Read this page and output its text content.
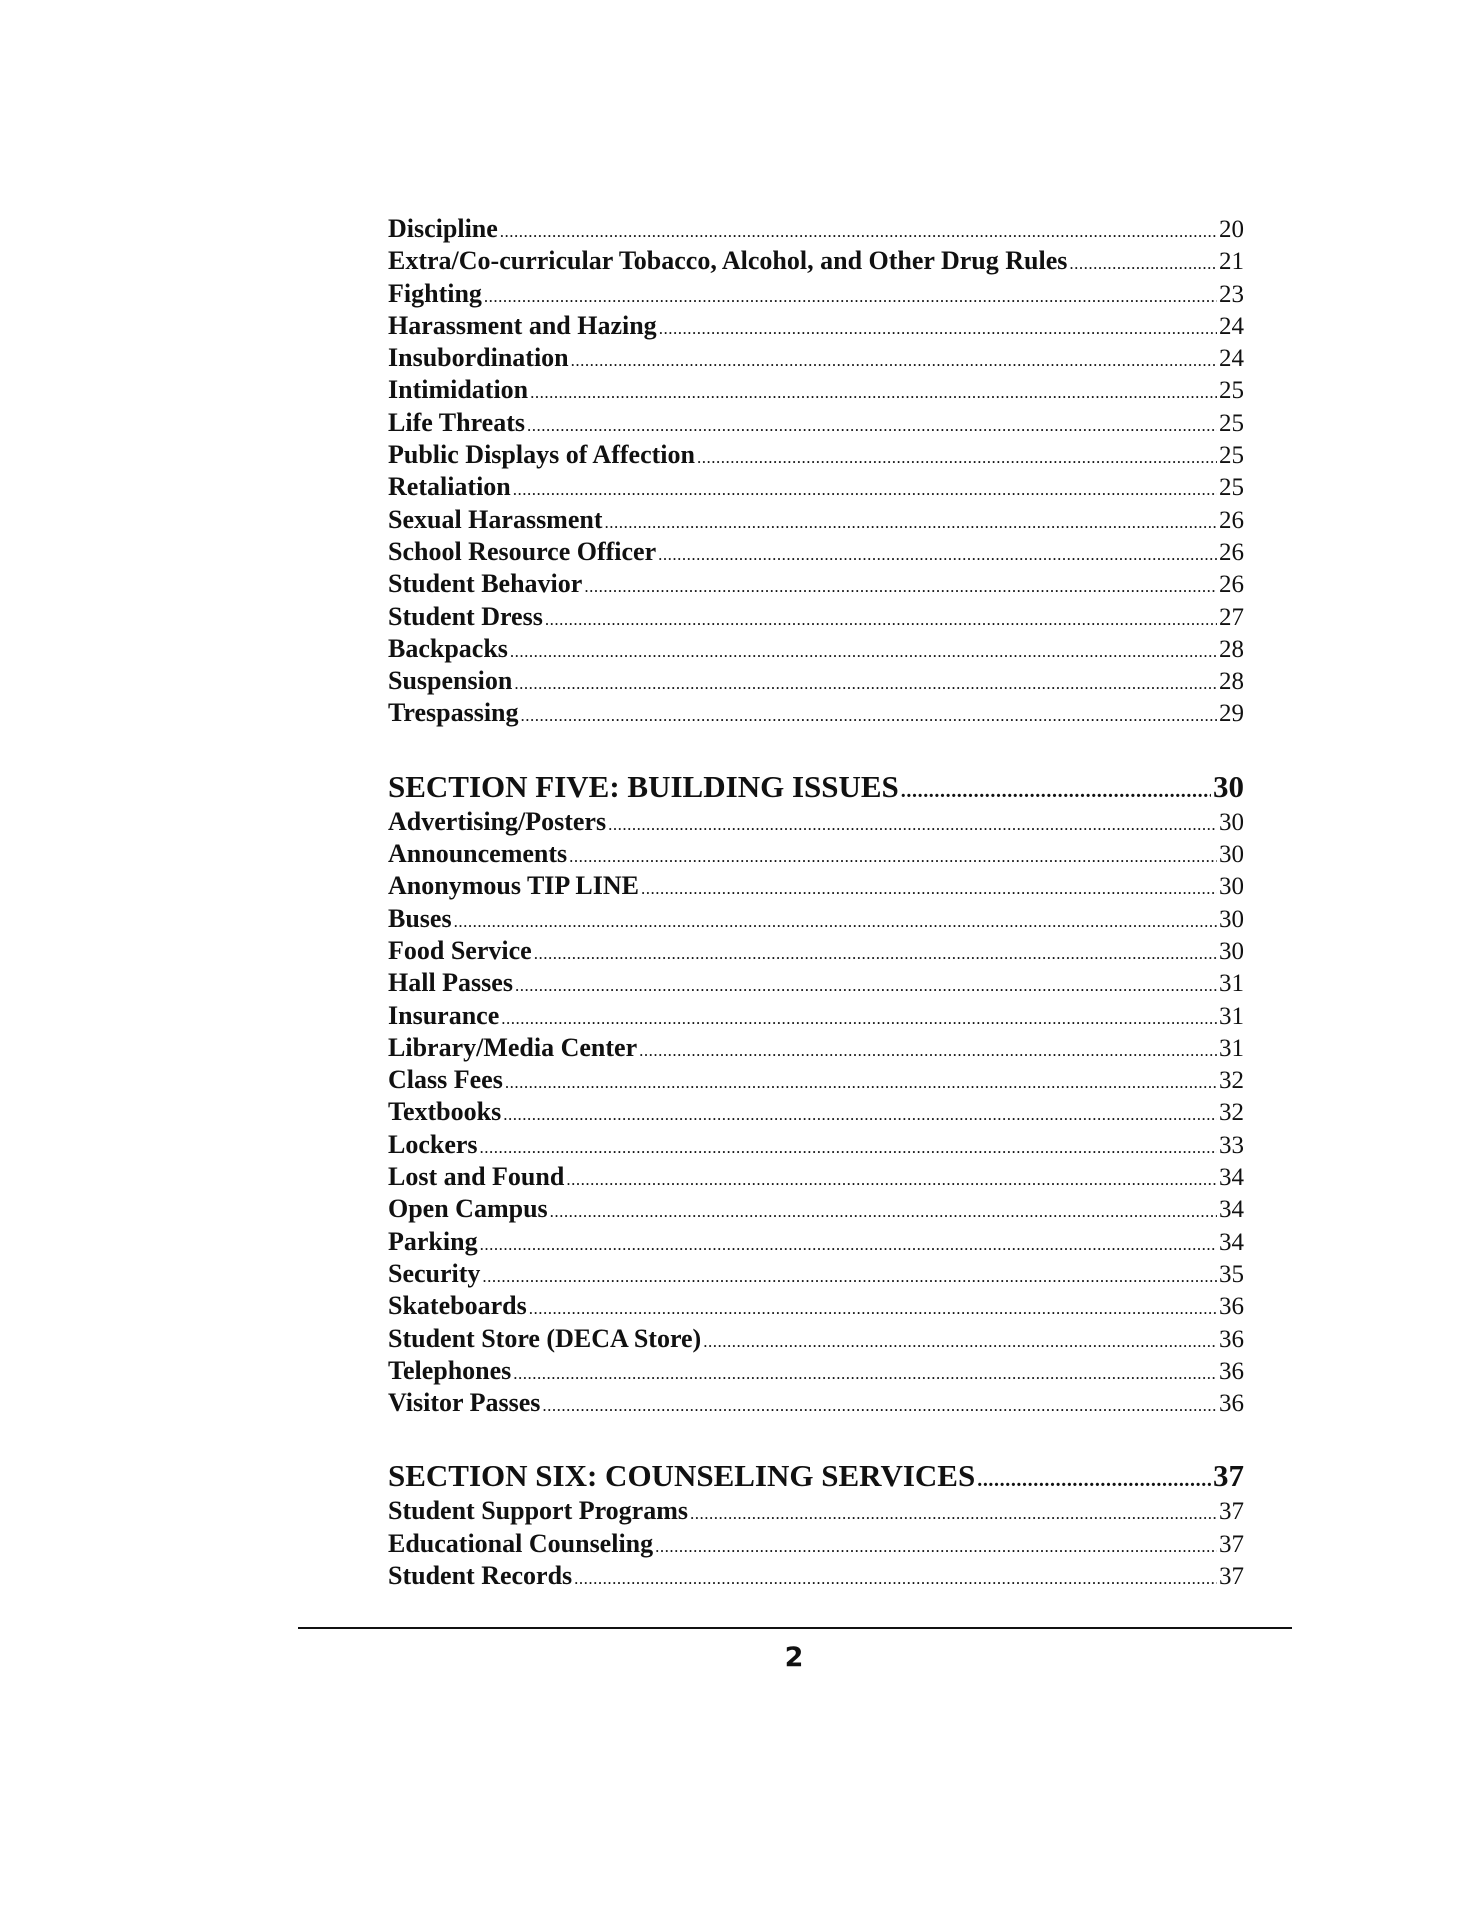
Discipline .....	20
Extra/Co-curricular Tobacco, Alcohol, and Other Drug Rules .....	21
Fighting .....	23
Harassment and Hazing .....	24
Insubordination .....	24
Intimidation .....	25
Life Threats .....	25
Public Displays of Affection .....	25
Retaliation .....	25
Sexual Harassment .....	26
School Resource Officer .....	26
Student Behavior .....	26
Student Dress .....	27
Backpacks .....	28
Suspension .....	28
Trespassing .....	29
SECTION FIVE: BUILDING ISSUES .....	30
Advertising/Posters .....	30
Announcements .....	30
Anonymous TIP LINE .....	30
Buses .....	30
Food Service .....	30
Hall Passes .....	31
Insurance .....	31
Library/Media Center .....	31
Class Fees .....	32
Textbooks .....	32
Lockers .....	33
Lost and Found .....	34
Open Campus .....	34
Parking .....	34
Security .....	35
Skateboards .....	36
Student Store (DECA Store) .....	36
Telephones .....	36
Visitor Passes .....	36
SECTION SIX: COUNSELING SERVICES .....	37
Student Support Programs .....	37
Educational Counseling .....	37
Student Records .....	37
2
